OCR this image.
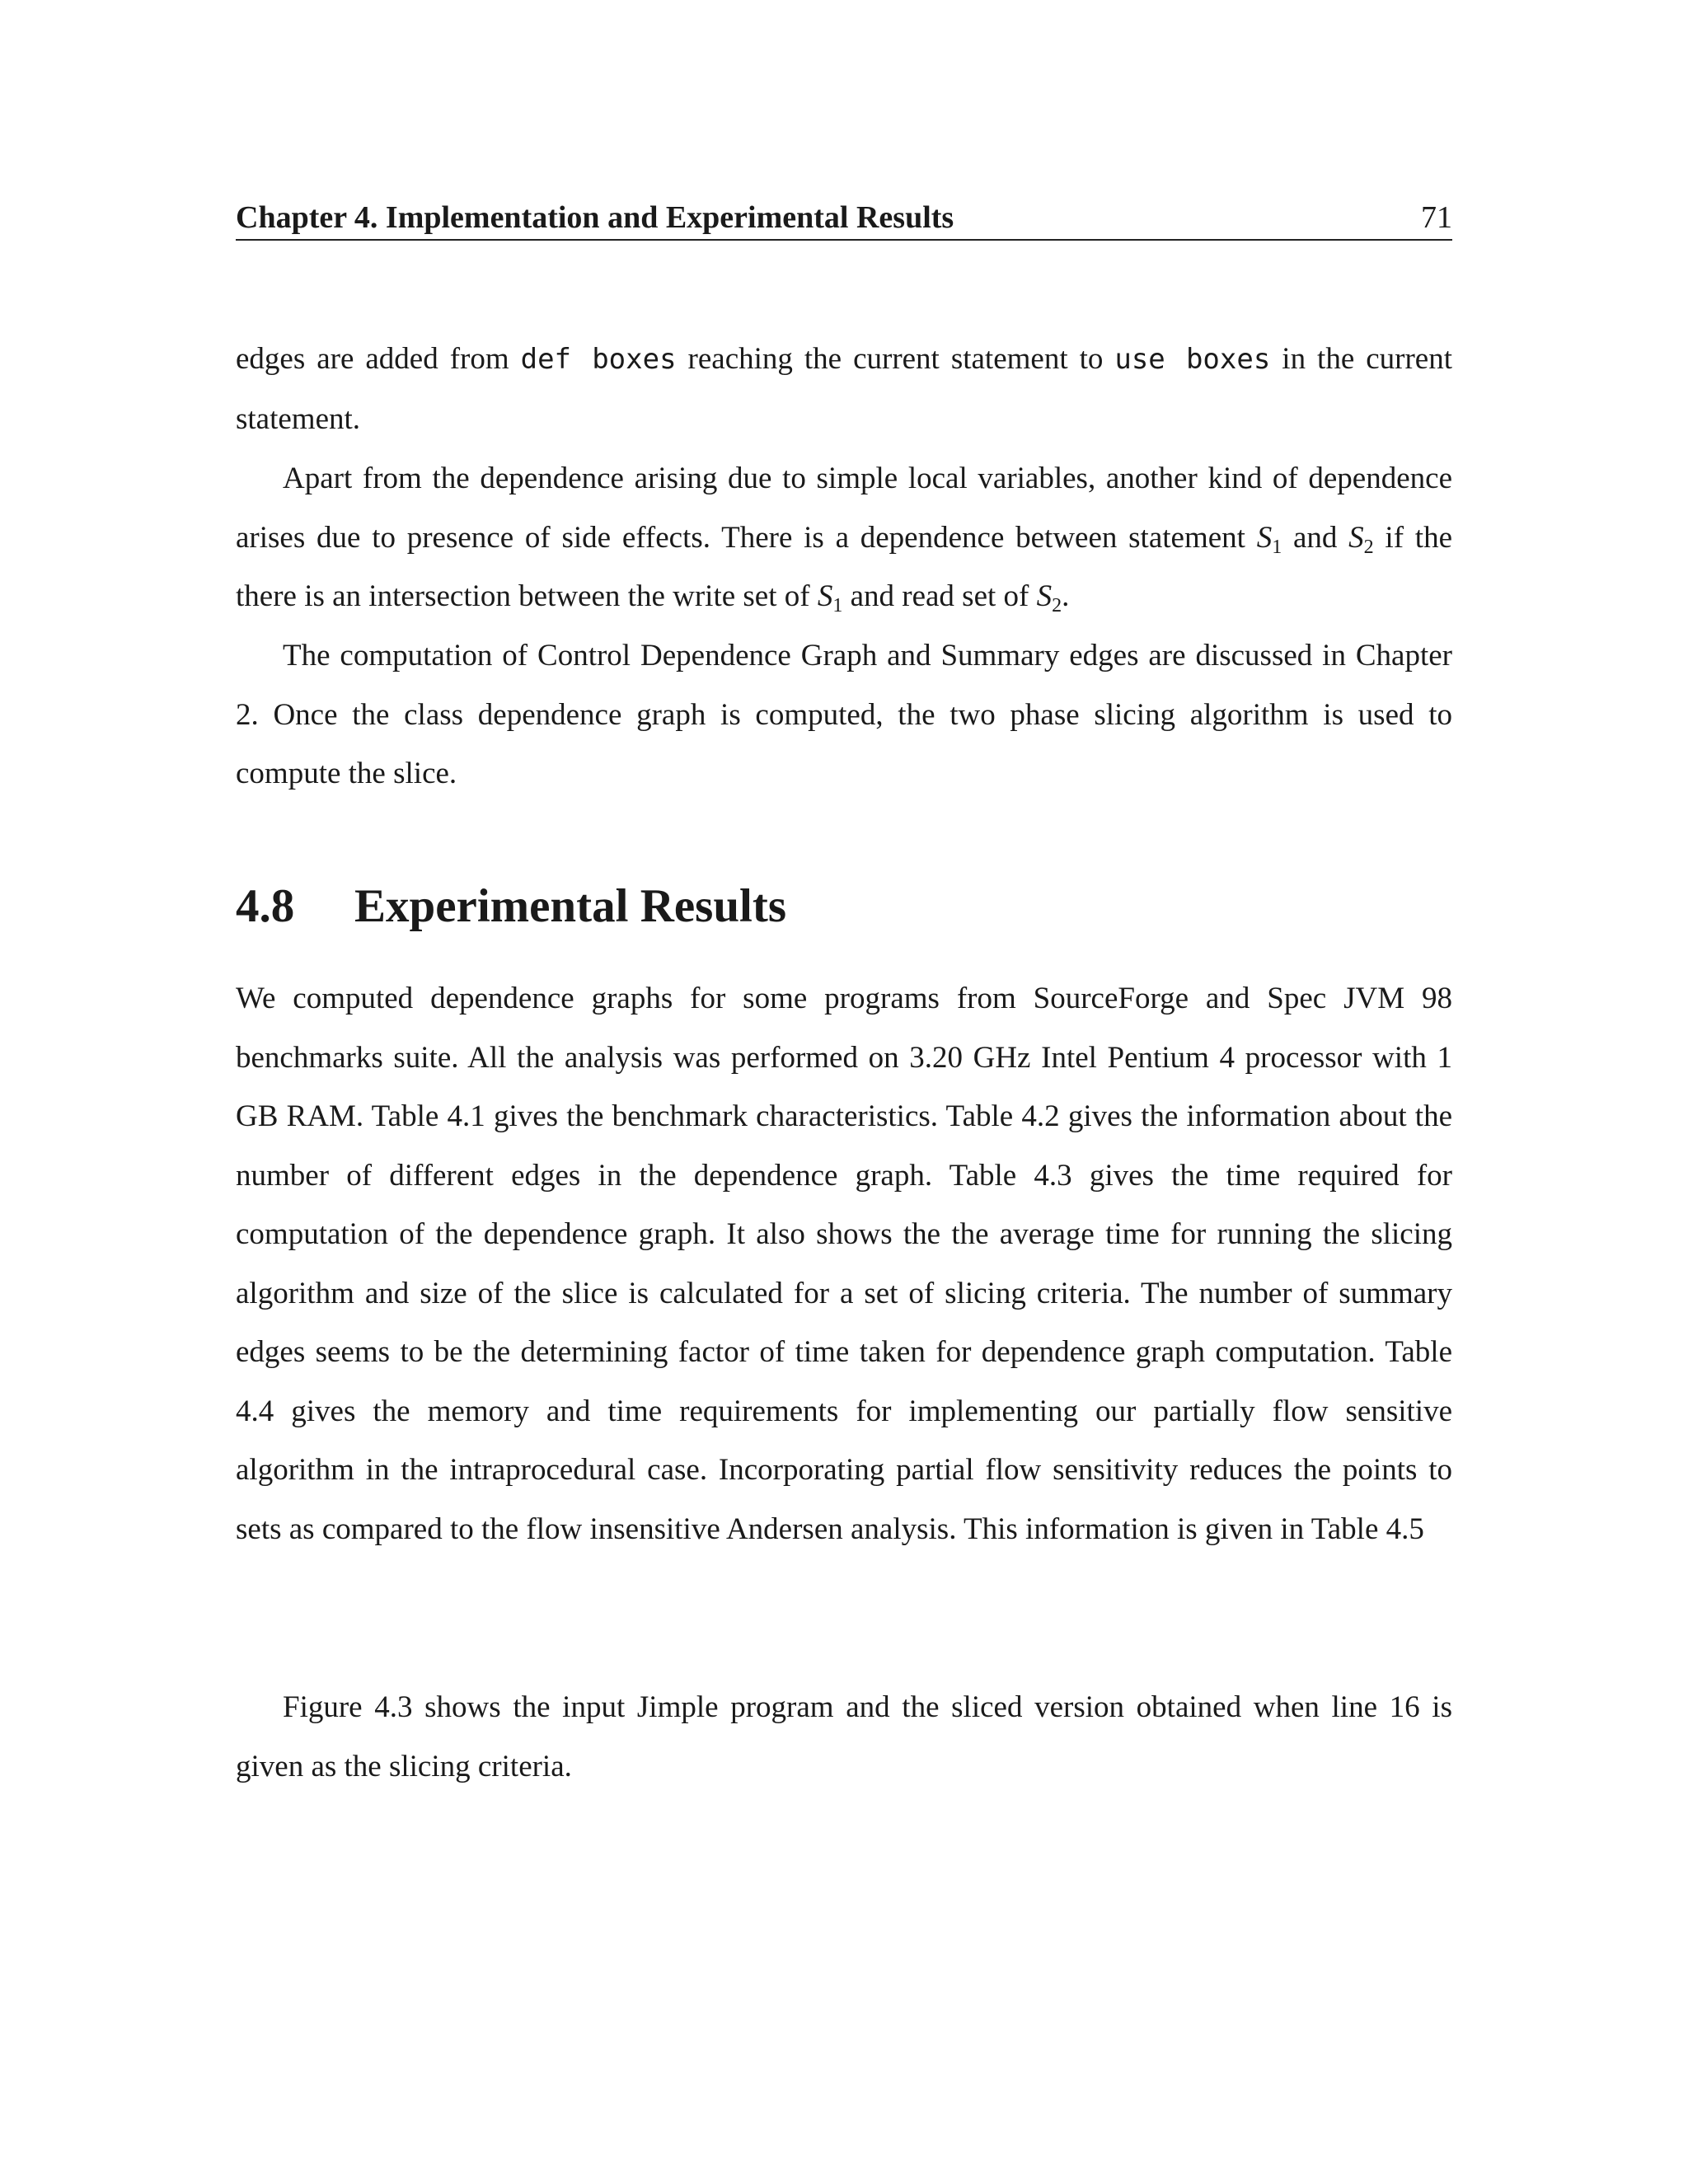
Chapter 4. Implementation and Experimental Results	71

edges are added from def boxes reaching the current statement to use boxes in the current statement.

Apart from the dependence arising due to simple local variables, another kind of dependence arises due to presence of side effects. There is a dependence between statement $S_1$ and $S_2$ if the there is an intersection between the write set of $S_1$ and read set of $S_2$.

The computation of Control Dependence Graph and Summary edges are discussed in Chapter 2. Once the class dependence graph is computed, the two phase slicing algorithm is used to compute the slice.

4.8 Experimental Results

We computed dependence graphs for some programs from SourceForge and Spec JVM 98 benchmarks suite. All the analysis was performed on 3.20 GHz Intel Pentium 4 processor with 1 GB RAM. Table 4.1 gives the benchmark characteristics. Table 4.2 gives the information about the number of different edges in the dependence graph. Table 4.3 gives the time required for computation of the dependence graph. It also shows the the average time for running the slicing algorithm and size of the slice is calculated for a set of slicing criteria. The number of summary edges seems to be the determining factor of time taken for dependence graph computation. Table 4.4 gives the memory and time requirements for implementing our partially flow sensitive algorithm in the intraprocedural case. Incorporating partial flow sensitivity reduces the points to sets as compared to the flow insensitive Andersen analysis. This information is given in Table 4.5

Figure 4.3 shows the input Jimple program and the sliced version obtained when line 16 is given as the slicing criteria.
